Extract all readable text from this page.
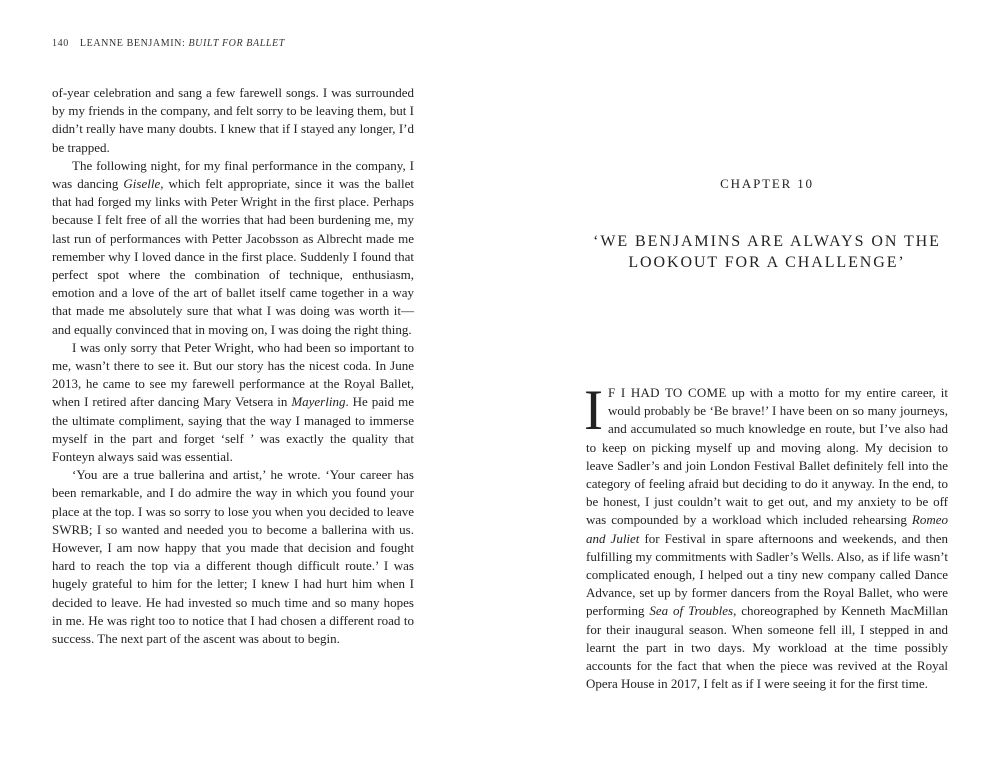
140 LEANNE BENJAMIN: BUILT FOR BALLET

of-year celebration and sang a few farewell songs. I was surrounded by my friends in the company, and felt sorry to be leaving them, but I didn’t really have many doubts. I knew that if I stayed any longer, I’d be trapped.

The following night, for my final performance in the company, I was dancing Giselle, which felt appropriate, since it was the ballet that had forged my links with Peter Wright in the first place. Perhaps because I felt free of all the worries that had been burdening me, my last run of performances with Petter Jacobsson as Albrecht made me remember why I loved dance in the first place. Suddenly I found that perfect spot where the combination of technique, enthusiasm, emotion and a love of the art of ballet itself came together in a way that made me absolutely sure that what I was doing was worth it—and equally convinced that in moving on, I was doing the right thing.

I was only sorry that Peter Wright, who had been so important to me, wasn’t there to see it. But our story has the nicest coda. In June 2013, he came to see my farewell performance at the Royal Ballet, when I retired after dancing Mary Vetsera in Mayerling. He paid me the ultimate compliment, saying that the way I managed to immerse myself in the part and forget ‘self ’ was exactly the quality that Fonteyn always said was essential.

‘You are a true ballerina and artist,’ he wrote. ‘Your career has been remarkable, and I do admire the way in which you found your place at the top. I was so sorry to lose you when you decided to leave SWRB; I so wanted and needed you to become a ballerina with us. However, I am now happy that you made that decision and fought hard to reach the top via a different though difficult route.’ I was hugely grateful to him for the letter; I knew I had hurt him when I decided to leave. He had invested so much time and so many hopes in me. He was right too to notice that I had chosen a different road to success. The next part of the ascent was about to begin.

CHAPTER 10
‘WE BENJAMINS ARE ALWAYS ON THE
LOOKOUT FOR A CHALLENGE’

I F I HAD TO COME up with a motto for my entire career, it would probably be ‘Be brave!’ I have been on so many journeys, and accumulated so much knowledge en route, but I’ve also had to keep on picking myself up and moving along. My decision to leave Sadler’s and join London Festival Ballet definitely fell into the category of feeling afraid but deciding to do it anyway. In the end, to be honest, I just couldn’t wait to get out, and my anxiety to be off was compounded by a workload which included rehearsing Romeo and Juliet for Festival in spare afternoons and weekends, and then fulfilling my commitments with Sadler’s Wells. Also, as if life wasn’t complicated enough, I helped out a tiny new company called Dance Advance, set up by former dancers from the Royal Ballet, who were performing Sea of Troubles, choreographed by Kenneth MacMillan for their inaugural season. When someone fell ill, I stepped in and learnt the part in two days. My workload at the time possibly accounts for the fact that when the piece was revived at the Royal Opera House in 2017, I felt as if I were seeing it for the first time.
